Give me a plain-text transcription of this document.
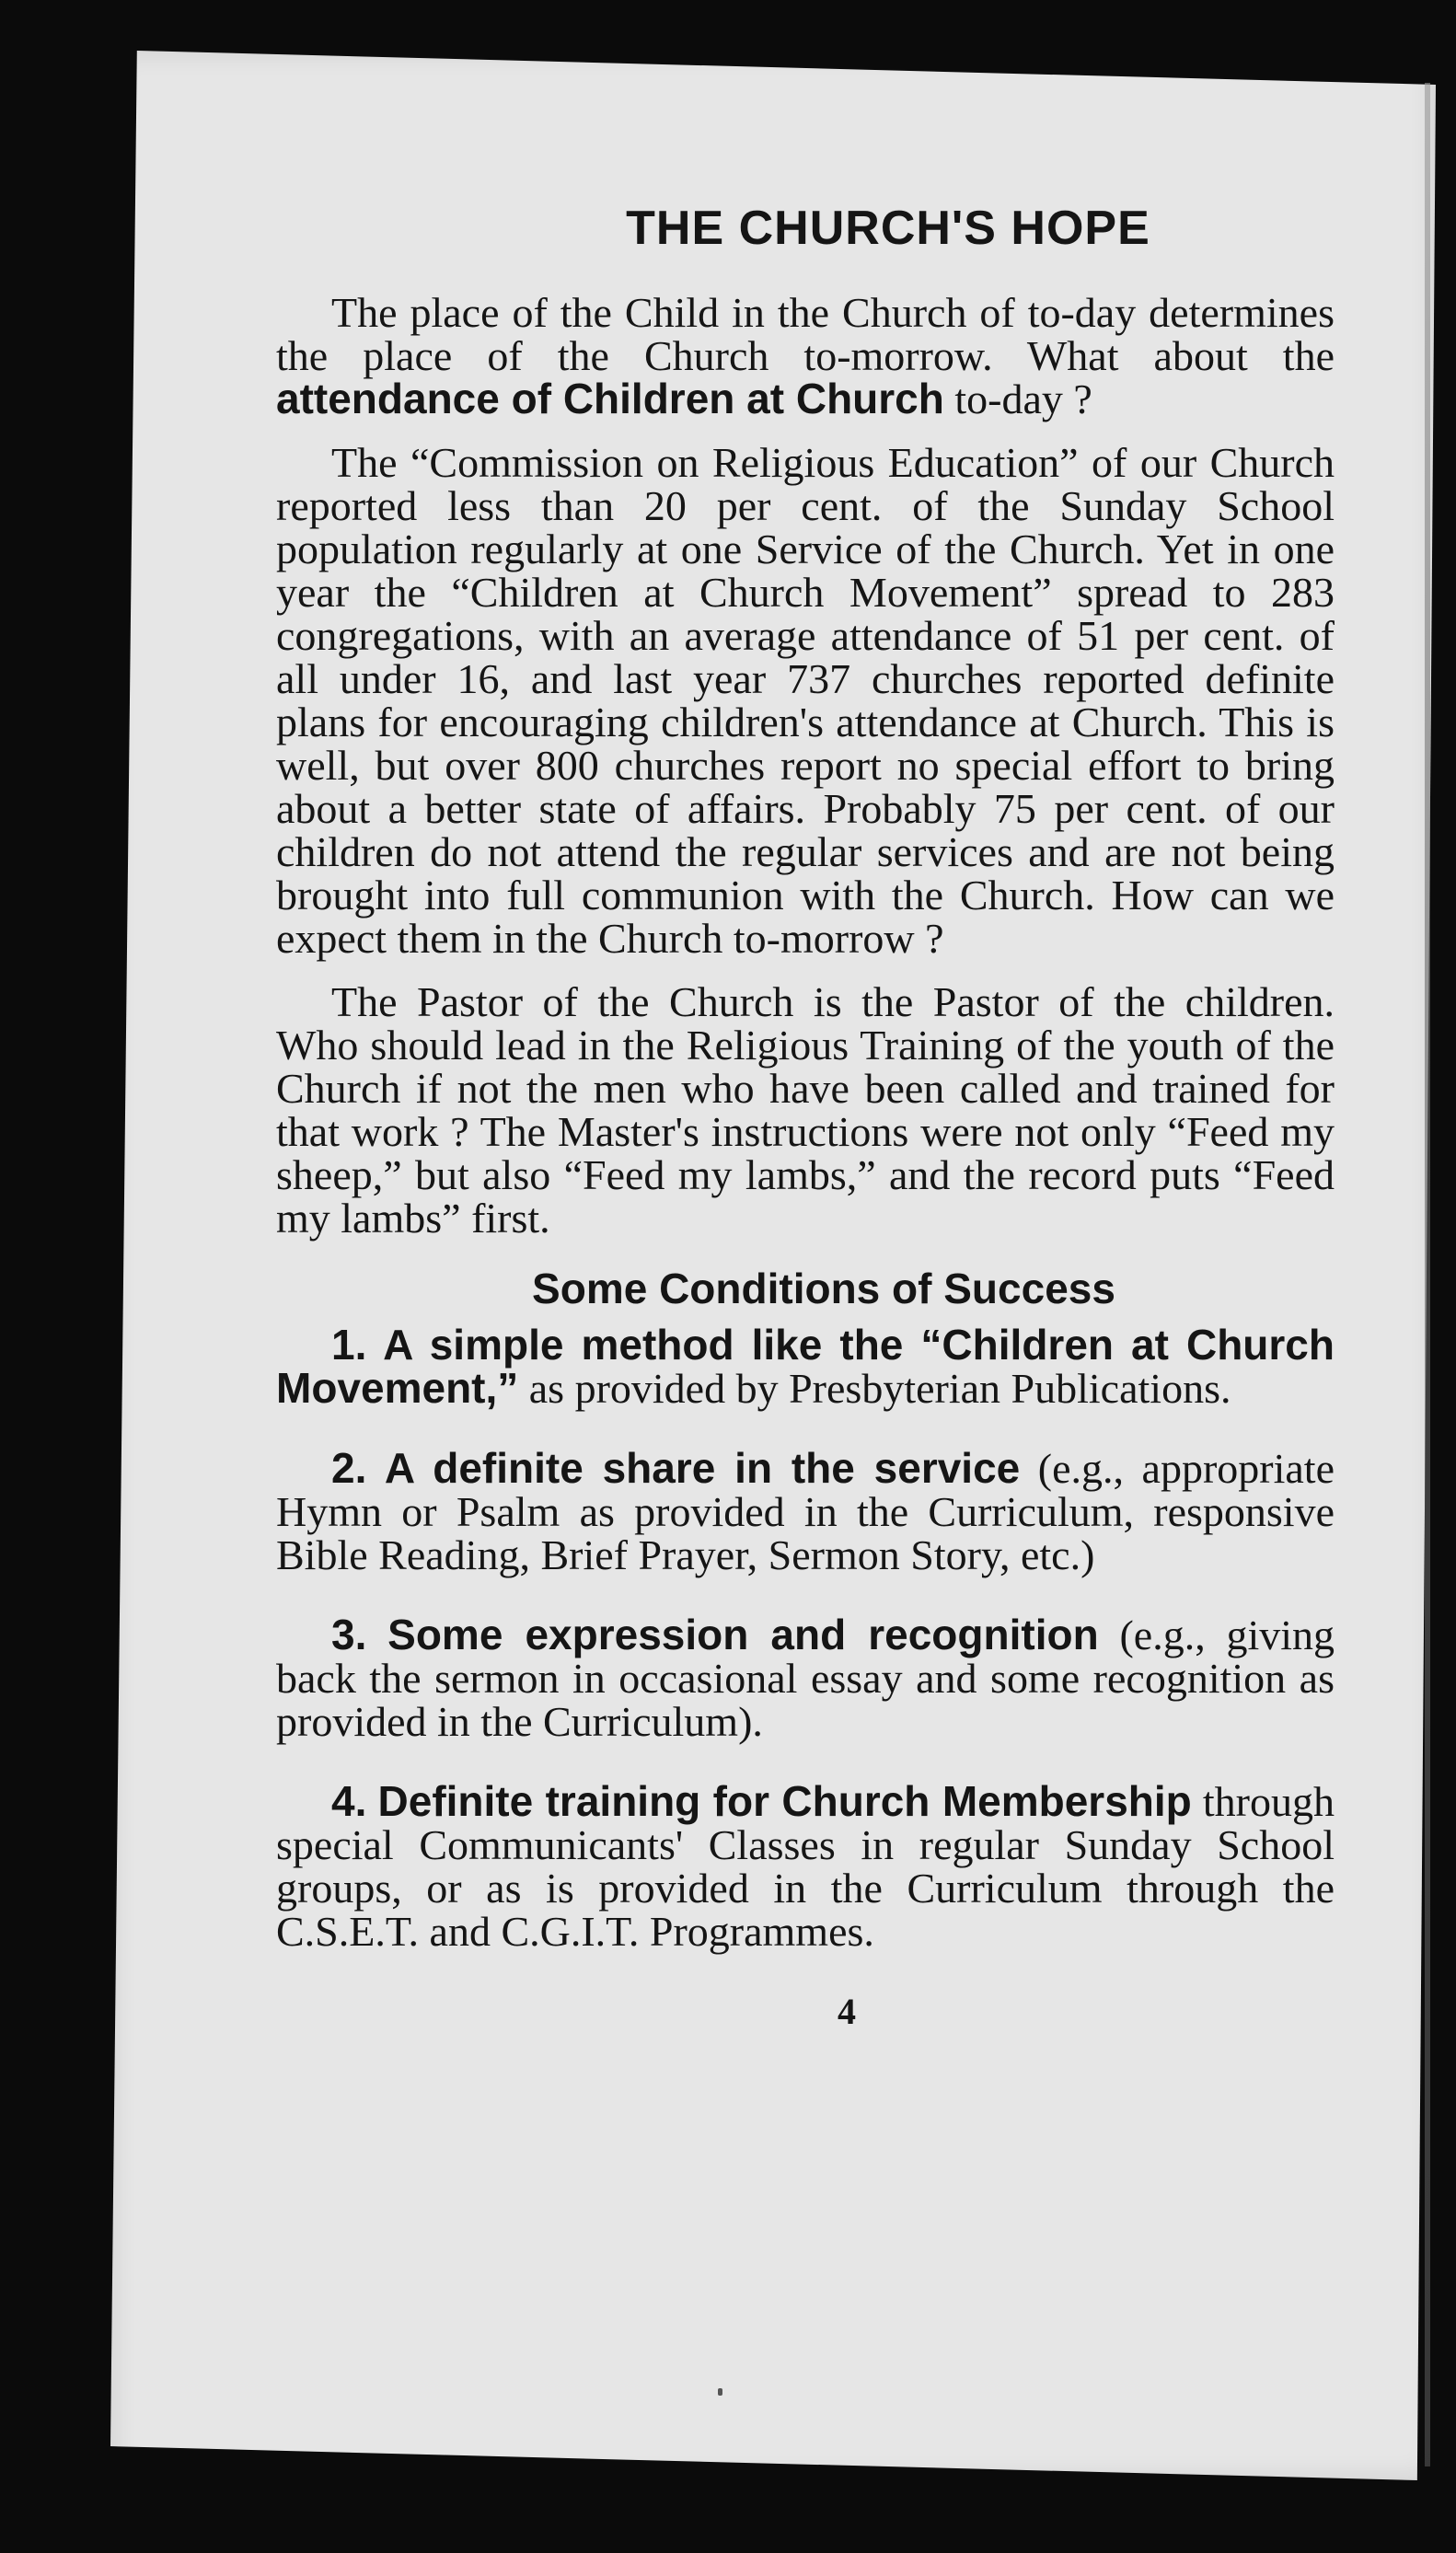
THE CHURCH'S HOPE

The place of the Child in the Church of to-day determines the place of the Church to-morrow. What about the attendance of Children at Church to-day ?

The “Commission on Religious Education” of our Church reported less than 20 per cent. of the Sunday School population regularly at one Service of the Church. Yet in one year the “Children at Church Movement” spread to 283 congregations, with an average attendance of 51 per cent. of all under 16, and last year 737 churches reported definite plans for encouraging children's attendance at Church. This is well, but over 800 churches report no special effort to bring about a better state of affairs. Probably 75 per cent. of our children do not attend the regular services and are not being brought into full communion with the Church. How can we expect them in the Church to-morrow ?

The Pastor of the Church is the Pastor of the children. Who should lead in the Religious Training of the youth of the Church if not the men who have been called and trained for that work ? The Master's instructions were not only “Feed my sheep,” but also “Feed my lambs,” and the record puts “Feed my lambs” first.

Some Conditions of Success

1. A simple method like the “Children at Church Movement,” as provided by Presbyterian Publications.

2. A definite share in the service (e.g., appropriate Hymn or Psalm as provided in the Curriculum, responsive Bible Reading, Brief Prayer, Sermon Story, etc.)

3. Some expression and recognition (e.g., giving back the sermon in occasional essay and some recognition as provided in the Curriculum).

4. Definite training for Church Membership through special Communicants' Classes in regular Sunday School groups, or as is provided in the Curriculum through the C.S.E.T. and C.G.I.T. Programmes.

4
